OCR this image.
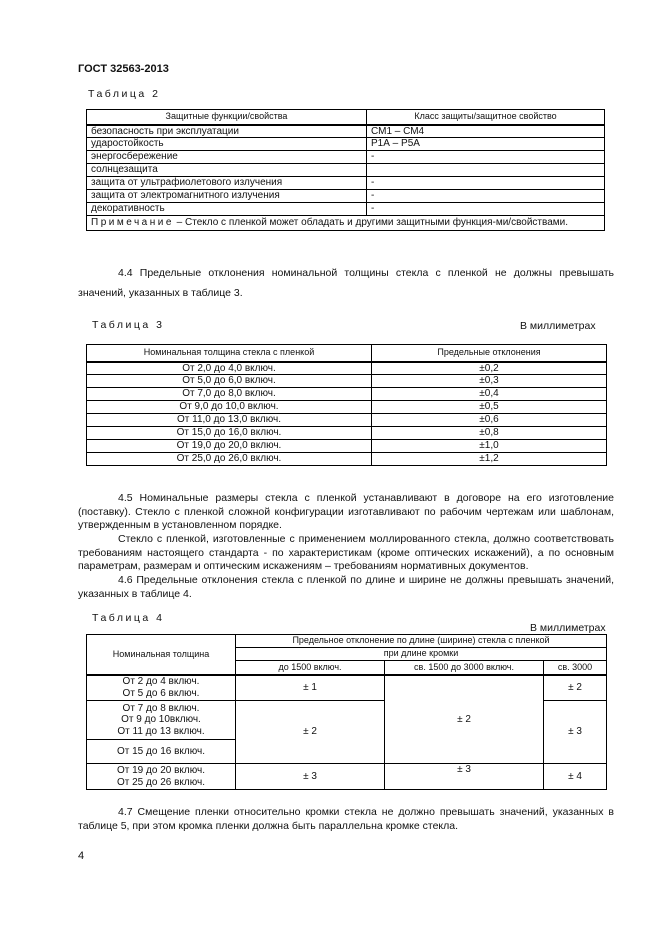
ГОСТ 32563-2013
Таблица 2
Защитные функции/свойства	Класс защиты/защитное свойство
безопасность при эксплуатации	СМ1 – СМ4
ударостойкость	Р1А – Р5А
энергосбережение	-
солнцезащита	
защита от ультрафиолетового излучения	-
защита от электромагнитного излучения	-
декоративность	-
Примечание – Стекло с пленкой может обладать и другими защитными функция-ми/свойствами.	
4.4 Предельные отклонения номинальной толщины стекла с пленкой не должны превышать значений, указанных в таблице 3.
Таблица 3	В миллиметрах
Номинальная толщина стекла с пленкой	Предельные отклонения
От 2,0 до 4,0 включ.	±0,2
От 5,0 до 6,0 включ.	±0,3
От 7,0 до 8,0 включ.	±0,4
От 9,0 до 10,0 включ.	±0,5
От 11,0 до 13,0 включ.	±0,6
От 15,0 до 16,0 включ.	±0,8
От 19,0 до 20,0 включ.	±1,0
От 25,0 до 26,0 включ.	±1,2
4.5 Номинальные размеры стекла с пленкой устанавливают в договоре на его изготовление (поставку). Стекло с пленкой сложной конфигурации изготавливают по рабочим чертежам или шаблонам, утвержденным в установленном порядке.
Стекло с пленкой, изготовленные с применением моллированного стекла, должно соответствовать требованиям настоящего стандарта - по характеристикам (кроме оптических искажений), а по основным параметрам, размерам и оптическим искажениям – требованиям нормативных документов.
4.6 Предельные отклонения стекла с пленкой по длине и ширине не должны превышать значений, указанных в таблице 4.
Таблица 4
В миллиметрах
Номинальная толщина	Предельное отклонение по длине (ширине) стекла с пленкой		
	при длине кромки		
	до 1500 включ.	св. 1500 до 3000 включ.	св. 3000

От 2 до 4 включ.
От 5 до 6 включ.	± 1	± 2	± 2

От 7 до 8 включ.
От 9 до 10включ.
От 11 до 13 включ.	± 2		± 3

От 15 до 16 включ.			

От 19 до 20 включ.
От 25 до 26 включ.	± 3	± 3	± 4
4.7 Смещение пленки относительно кромки стекла не должно превышать значений, указанных в таблице 5, при этом кромка пленки должна быть параллельна кромке стекла.
4
